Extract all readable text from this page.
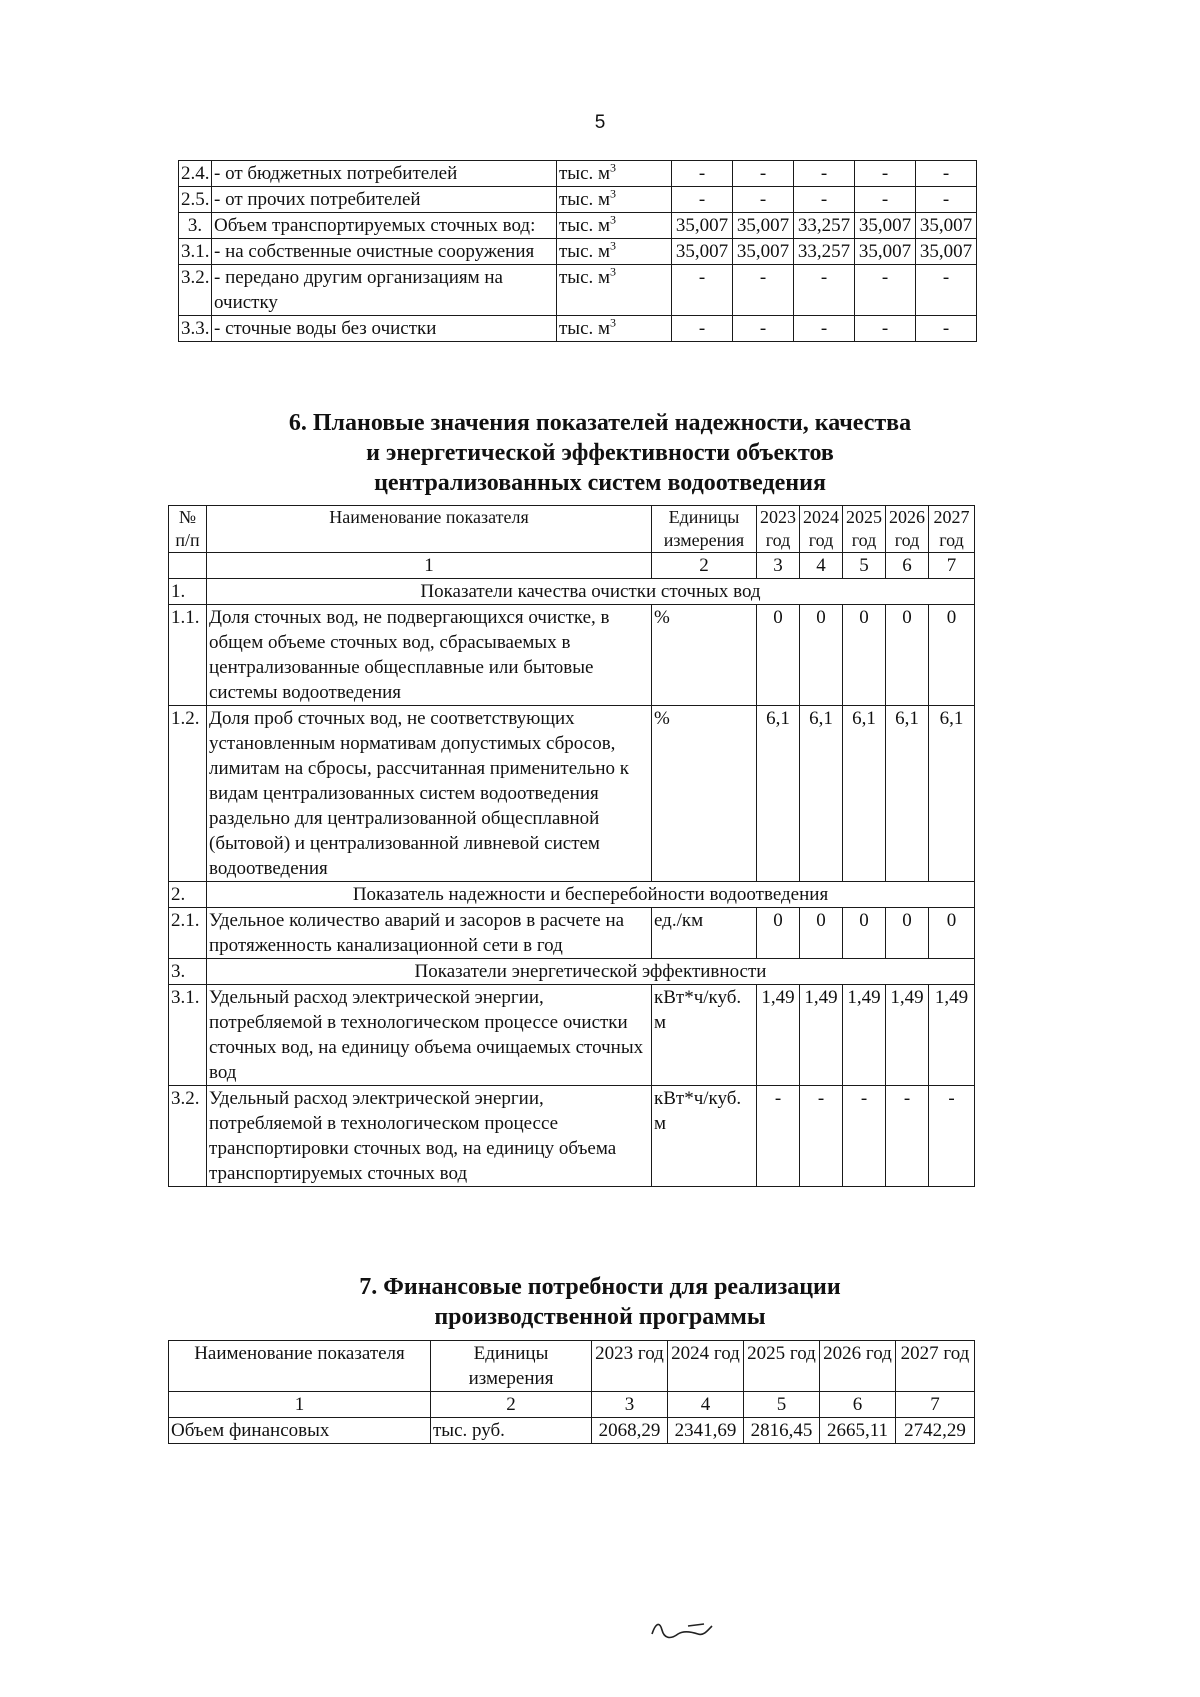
5
2.4.	- от бюджетных потребителей	тыс. $м^3$	-	-	-	-	-
2.5.	- от прочих потребителей	тыс. $м^3$	-	-	-	-	-
3.	Объем транспортируемых сточных вод:	тыс. $м^3$	35,007	35,007	33,257	35,007	35,007
3.1.	- на собственные очистные сооружения	тыс. $м^3$	35,007	35,007	33,257	35,007	35,007
3.2.	- передано другим организациям на очистку	тыс. $м^3$	-	-	-	-	-
3.3.	- сточные воды без очистки	тыс. $м^3$	-	-	-	-	-
6. Плановые значения показателей надежности, качества
и энергетической эффективности объектов
централизованных систем водоотведения
№ п/п	Наименование показателя	Единицы измерения	2023 год	2024 год	2025 год	2026 год	2027 год
	1	2	3	4	5	6	7
1.	Показатели качества очистки сточных вод						
1.1.	Доля сточных вод, не подвергающихся очистке, в общем объеме сточных вод, сбрасываемых в централизованные общесплавные или бытовые системы водоотведения	%	0	0	0	0	0
1.2.	Доля проб сточных вод, не соответствующих установленным нормативам допустимых сбросов, лимитам на сбросы, рассчитанная применительно к видам централизованных систем водоотведения раздельно для централизованной общесплавной (бытовой) и централизованной ливневой систем водоотведения	%	6,1	6,1	6,1	6,1	6,1
2.	Показатель надежности и бесперебойности водоотведения						
2.1.	Удельное количество аварий и засоров в расчете на протяженность канализационной сети в год	ед./км	0	0	0	0	0
3.	Показатели энергетической эффективности						
3.1.	Удельный расход электрической энергии, потребляемой в технологическом процессе очистки сточных вод, на единицу объема очищаемых сточных вод	кВт*ч/куб. м	1,49	1,49	1,49	1,49	1,49
3.2.	Удельный расход электрической энергии, потребляемой в технологическом процессе транспортировки сточных вод, на единицу объема транспортируемых сточных вод	кВт*ч/куб. м	-	-	-	-	-
7. Финансовые потребности для реализации
производственной программы
Наименование показателя	Единицы измерения	2023 год	2024 год	2025 год	2026 год	2027 год
1	2	3	4	5	6	7
Объем финансовых	тыс. руб.	2068,29	2341,69	2816,45	2665,11	2742,29
